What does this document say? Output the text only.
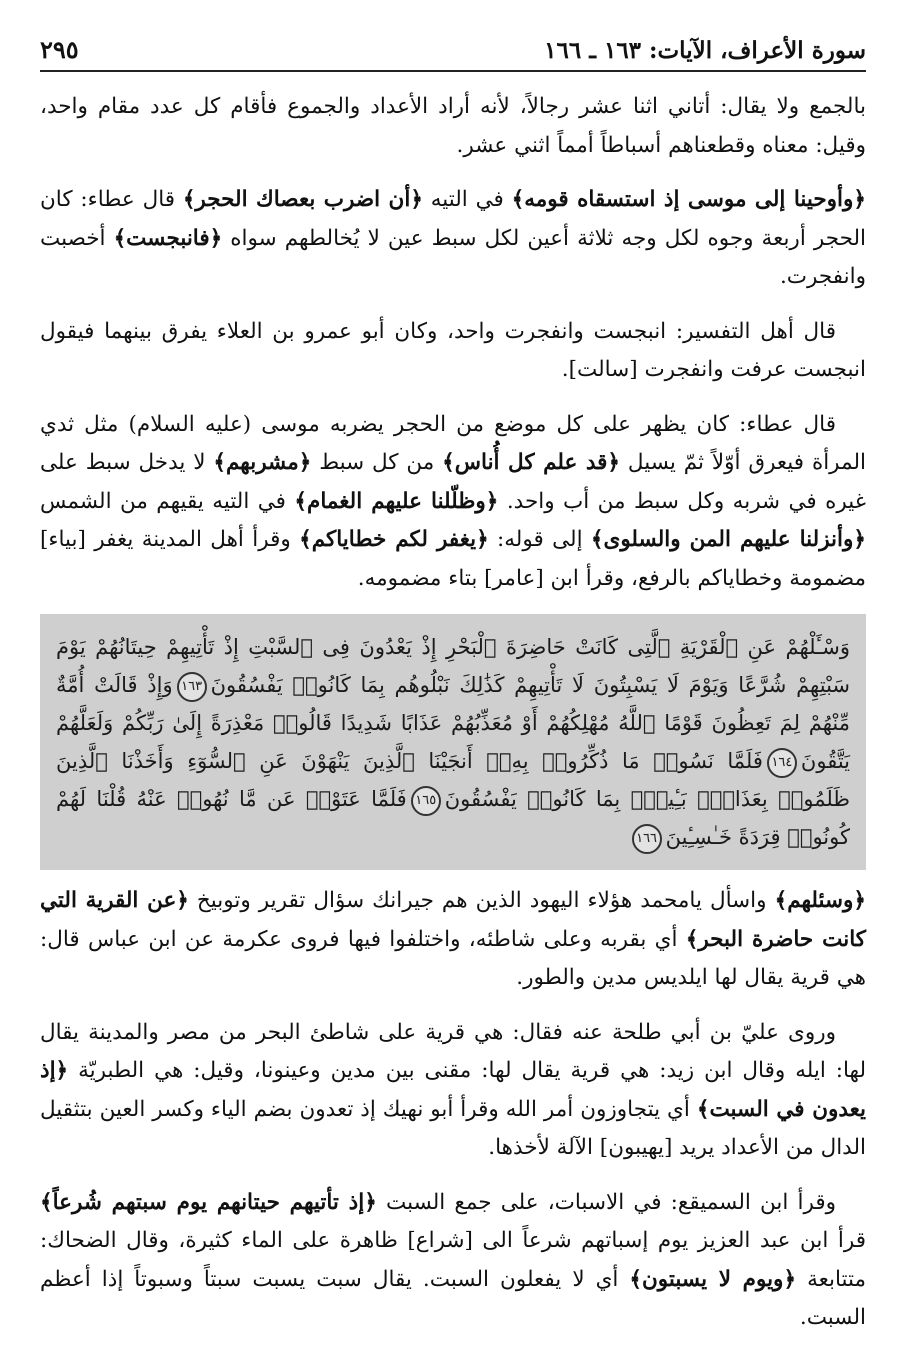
سورة الأعراف، الآيات: ١٦٣ ـ ١٦٦
٢٩٥

بالجمع ولا يقال: أتاني اثنا عشر رجالاً، لأنه أراد الأعداد والجموع فأقام كل عدد مقام واحد، وقيل: معناه وقطعناهم أسباطاً أمماً اثني عشر.

﴿وأوحينا إلى موسى إذ استسقاه قومه﴾ في التيه ﴿أن اضرب بعصاك الحجر﴾ قال عطاء: كان الحجر أربعة وجوه لكل وجه ثلاثة أعين لكل سبط عين لا يُخالطهم سواه ﴿فانبجست﴾ أخصبت وانفجرت.

قال أهل التفسير: انبجست وانفجرت واحد، وكان أبو عمرو بن العلاء يفرق بينهما فيقول انبجست عرفت وانفجرت [سالت].

قال عطاء: كان يظهر على كل موضع من الحجر يضربه موسى (عليه السلام) مثل ثدي المرأة فيعرق أوّلاً ثمّ يسيل ﴿قد علم كل أُناس﴾ من كل سبط ﴿مشربهم﴾ لا يدخل سبط على غيره في شربه وكل سبط من أب واحد. ﴿وظلّلنا عليهم الغمام﴾ في التيه يقيهم من الشمس ﴿وأنزلنا عليهم المن والسلوى﴾ إلى قوله: ﴿يغفر لكم خطاياكم﴾ وقرأ أهل المدينة يغفر [بياء] مضمومة وخطاياكم بالرفع، وقرأ ابن [عامر] بتاء مضمومه.

وَسْـَٔلْهُمْ عَنِ ٱلْقَرْيَةِ ٱلَّتِى كَانَتْ حَاضِرَةَ ٱلْبَحْرِ إِذْ يَعْدُونَ فِى ٱلسَّبْتِ إِذْ تَأْتِيهِمْ حِيتَانُهُمْ يَوْمَ سَبْتِهِمْ شُرَّعًا وَيَوْمَ لَا يَسْبِتُونَ لَا تَأْتِيهِمْ كَذَٰلِكَ نَبْلُوهُم بِمَا كَانُوا۟ يَفْسُقُونَ١٦٣وَإِذْ قَالَتْ أُمَّةٌ مِّنْهُمْ لِمَ تَعِظُونَ قَوْمًا ٱللَّهُ مُهْلِكُهُمْ أَوْ مُعَذِّبُهُمْ عَذَابًا شَدِيدًا قَالُوا۟ مَعْذِرَةً إِلَىٰ رَبِّكُمْ وَلَعَلَّهُمْ يَتَّقُونَ١٦٤فَلَمَّا نَسُوا۟ مَا ذُكِّرُوا۟ بِهِۦٓ أَنجَيْنَا ٱلَّذِينَ يَنْهَوْنَ عَنِ ٱلسُّوٓءِ وَأَخَذْنَا ٱلَّذِينَ ظَلَمُوا۟ بِعَذَابٍۭ بَـِٔيسٍۭ بِمَا كَانُوا۟ يَفْسُقُونَ١٦٥فَلَمَّا عَتَوْا۟ عَن مَّا نُهُوا۟ عَنْهُ قُلْنَا لَهُمْ كُونُوا۟ قِرَدَةً خَـٰسِـِٔينَ١٦٦

﴿وسئلهم﴾ واسأل يامحمد هؤلاء اليهود الذين هم جيرانك سؤال تقرير وتوبيخ ﴿عن القرية التي كانت حاضرة البحر﴾ أي بقربه وعلى شاطئه، واختلفوا فيها فروى عكرمة عن ابن عباس قال: هي قرية يقال لها ايلديس مدين والطور.

وروى عليّ بن أبي طلحة عنه فقال: هي قرية على شاطئ البحر من مصر والمدينة يقال لها: ايله وقال ابن زيد: هي قرية يقال لها: مقنى بين مدين وعينونا، وقيل: هي الطبريّة ﴿إذ يعدون في السبت﴾ أي يتجاوزون أمر الله وقرأ أبو نهيك إذ تعدون بضم الياء وكسر العين بتثقيل الدال من الأعداد يريد [يهيبون] الآلة لأخذها.

وقرأ ابن السميقع: في الاسبات، على جمع السبت ﴿إذ تأتيهم حيتانهم يوم سبتهم شُرعاً﴾ قرأ ابن عبد العزيز يوم إسباتهم شرعاً الى [شراع] ظاهرة على الماء كثيرة، وقال الضحاك: متتابعة ﴿ويوم لا يسبتون﴾ أي لا يفعلون السبت. يقال سبت يسبت سبتاً وسبوتاً إذا أعظم السبت.
